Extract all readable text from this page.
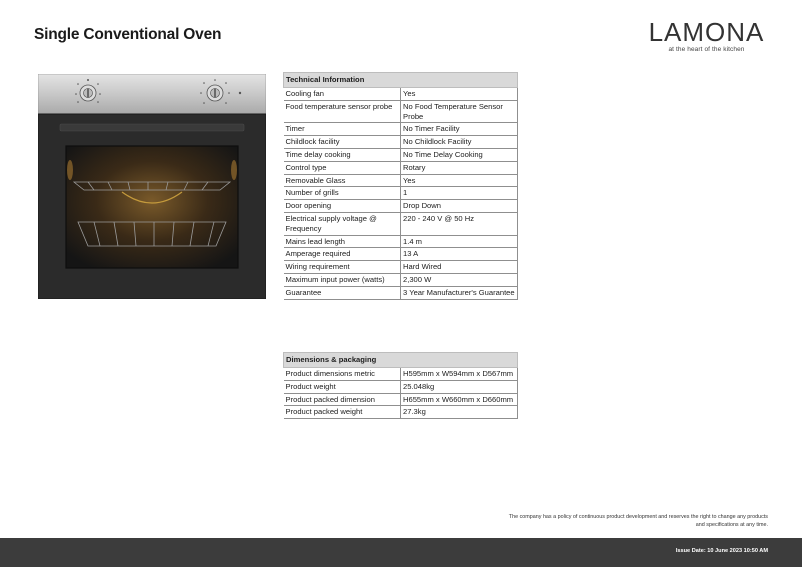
Single Conventional Oven	LAMONA
at the heart of the kitchen
Technical Information	
Cooling fan	Yes
Food temperature sensor probe	No Food Temperature Sensor Probe
Timer	No Timer Facility
Childlock facility	No Childlock Facility
Time delay cooking	No Time Delay Cooking
Control type	Rotary
Removable Glass	Yes
Number of grills	1
Door opening	Drop Down
Electrical supply voltage @ Frequency	220 - 240 V @ 50 Hz
Mains lead length	1.4 m
Amperage required	13 A
Wiring requirement	Hard Wired
Maximum input power (watts)	2,300 W
Guarantee	3 Year Manufacturer's Guarantee
Dimensions & packaging	
Product dimensions metric	H595mm x W594mm x D567mm
Product weight	25.048kg
Product packed dimension	H655mm x W660mm x D660mm
Product packed weight	27.3kg
The company has a policy of continuous product development and reserves the right to change any products and specifications at any time.
Issue Date: 10 June 2023 10:50 AM
